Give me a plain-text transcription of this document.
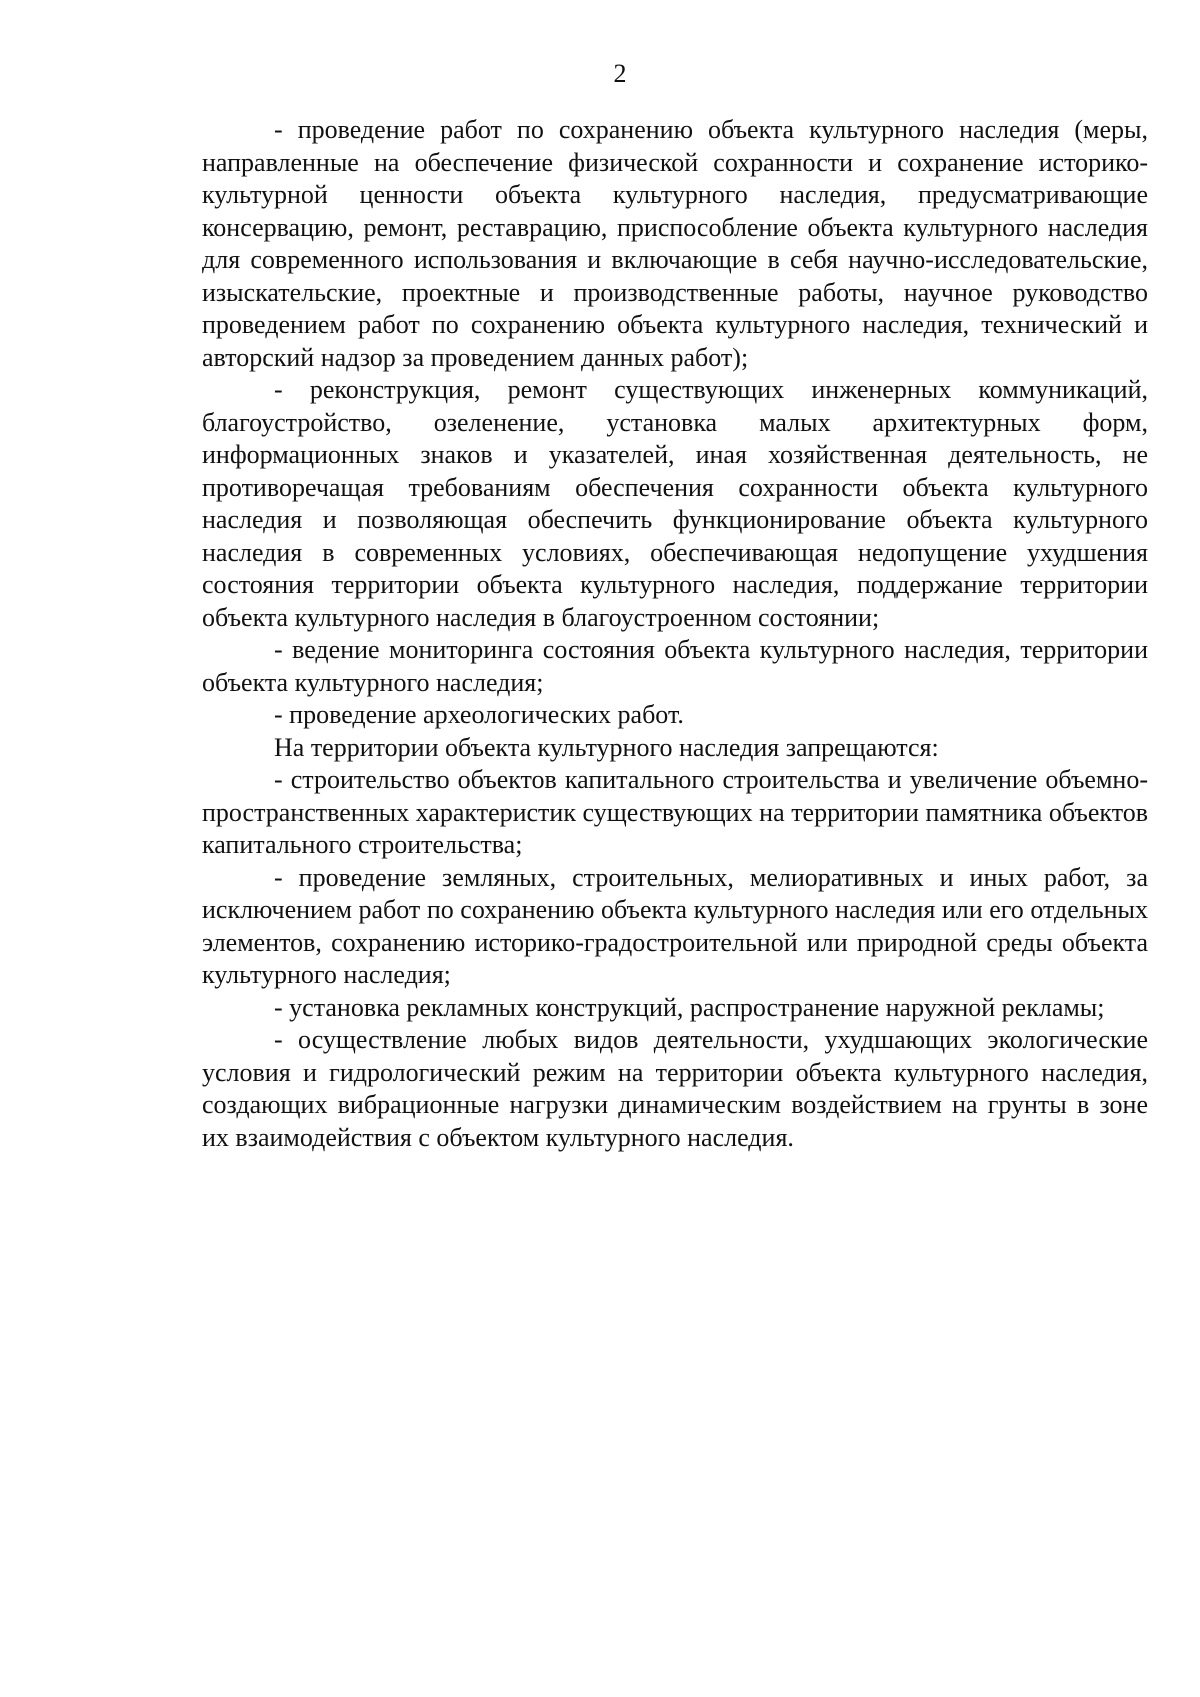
2

- проведение работ по сохранению объекта культурного наследия (меры, направленные на обеспечение физической сохранности и сохранение историко-культурной ценности объекта культурного наследия, предусматривающие консервацию, ремонт, реставрацию, приспособление объекта культурного наследия для современного использования и включающие в себя научно-исследовательские, изыскательские, проектные и производственные работы, научное руководство проведением работ по сохранению объекта культурного наследия, технический и авторский надзор за проведением данных работ);

- реконструкция, ремонт существующих инженерных коммуникаций, благоустройство, озеленение, установка малых архитектурных форм, информационных знаков и указателей, иная хозяйственная деятельность, не противоречащая требованиям обеспечения сохранности объекта культурного наследия и позволяющая обеспечить функционирование объекта культурного наследия в современных условиях, обеспечивающая недопущение ухудшения состояния территории объекта культурного наследия, поддержание территории объекта культурного наследия в благоустроенном состоянии;

- ведение мониторинга состояния объекта культурного наследия, территории объекта культурного наследия;

- проведение археологических работ.

На территории объекта культурного наследия запрещаются:

- строительство объектов капитального строительства и увеличение объемно-пространственных характеристик существующих на территории памятника объектов капитального строительства;

- проведение земляных, строительных, мелиоративных и иных работ, за исключением работ по сохранению объекта культурного наследия или его отдельных элементов, сохранению историко-градостроительной или природной среды объекта культурного наследия;

- установка рекламных конструкций, распространение наружной рекламы;

- осуществление любых видов деятельности, ухудшающих экологические условия и гидрологический режим на территории объекта культурного наследия, создающих вибрационные нагрузки динамическим воздействием на грунты в зоне их взаимодействия с объектом культурного наследия.
